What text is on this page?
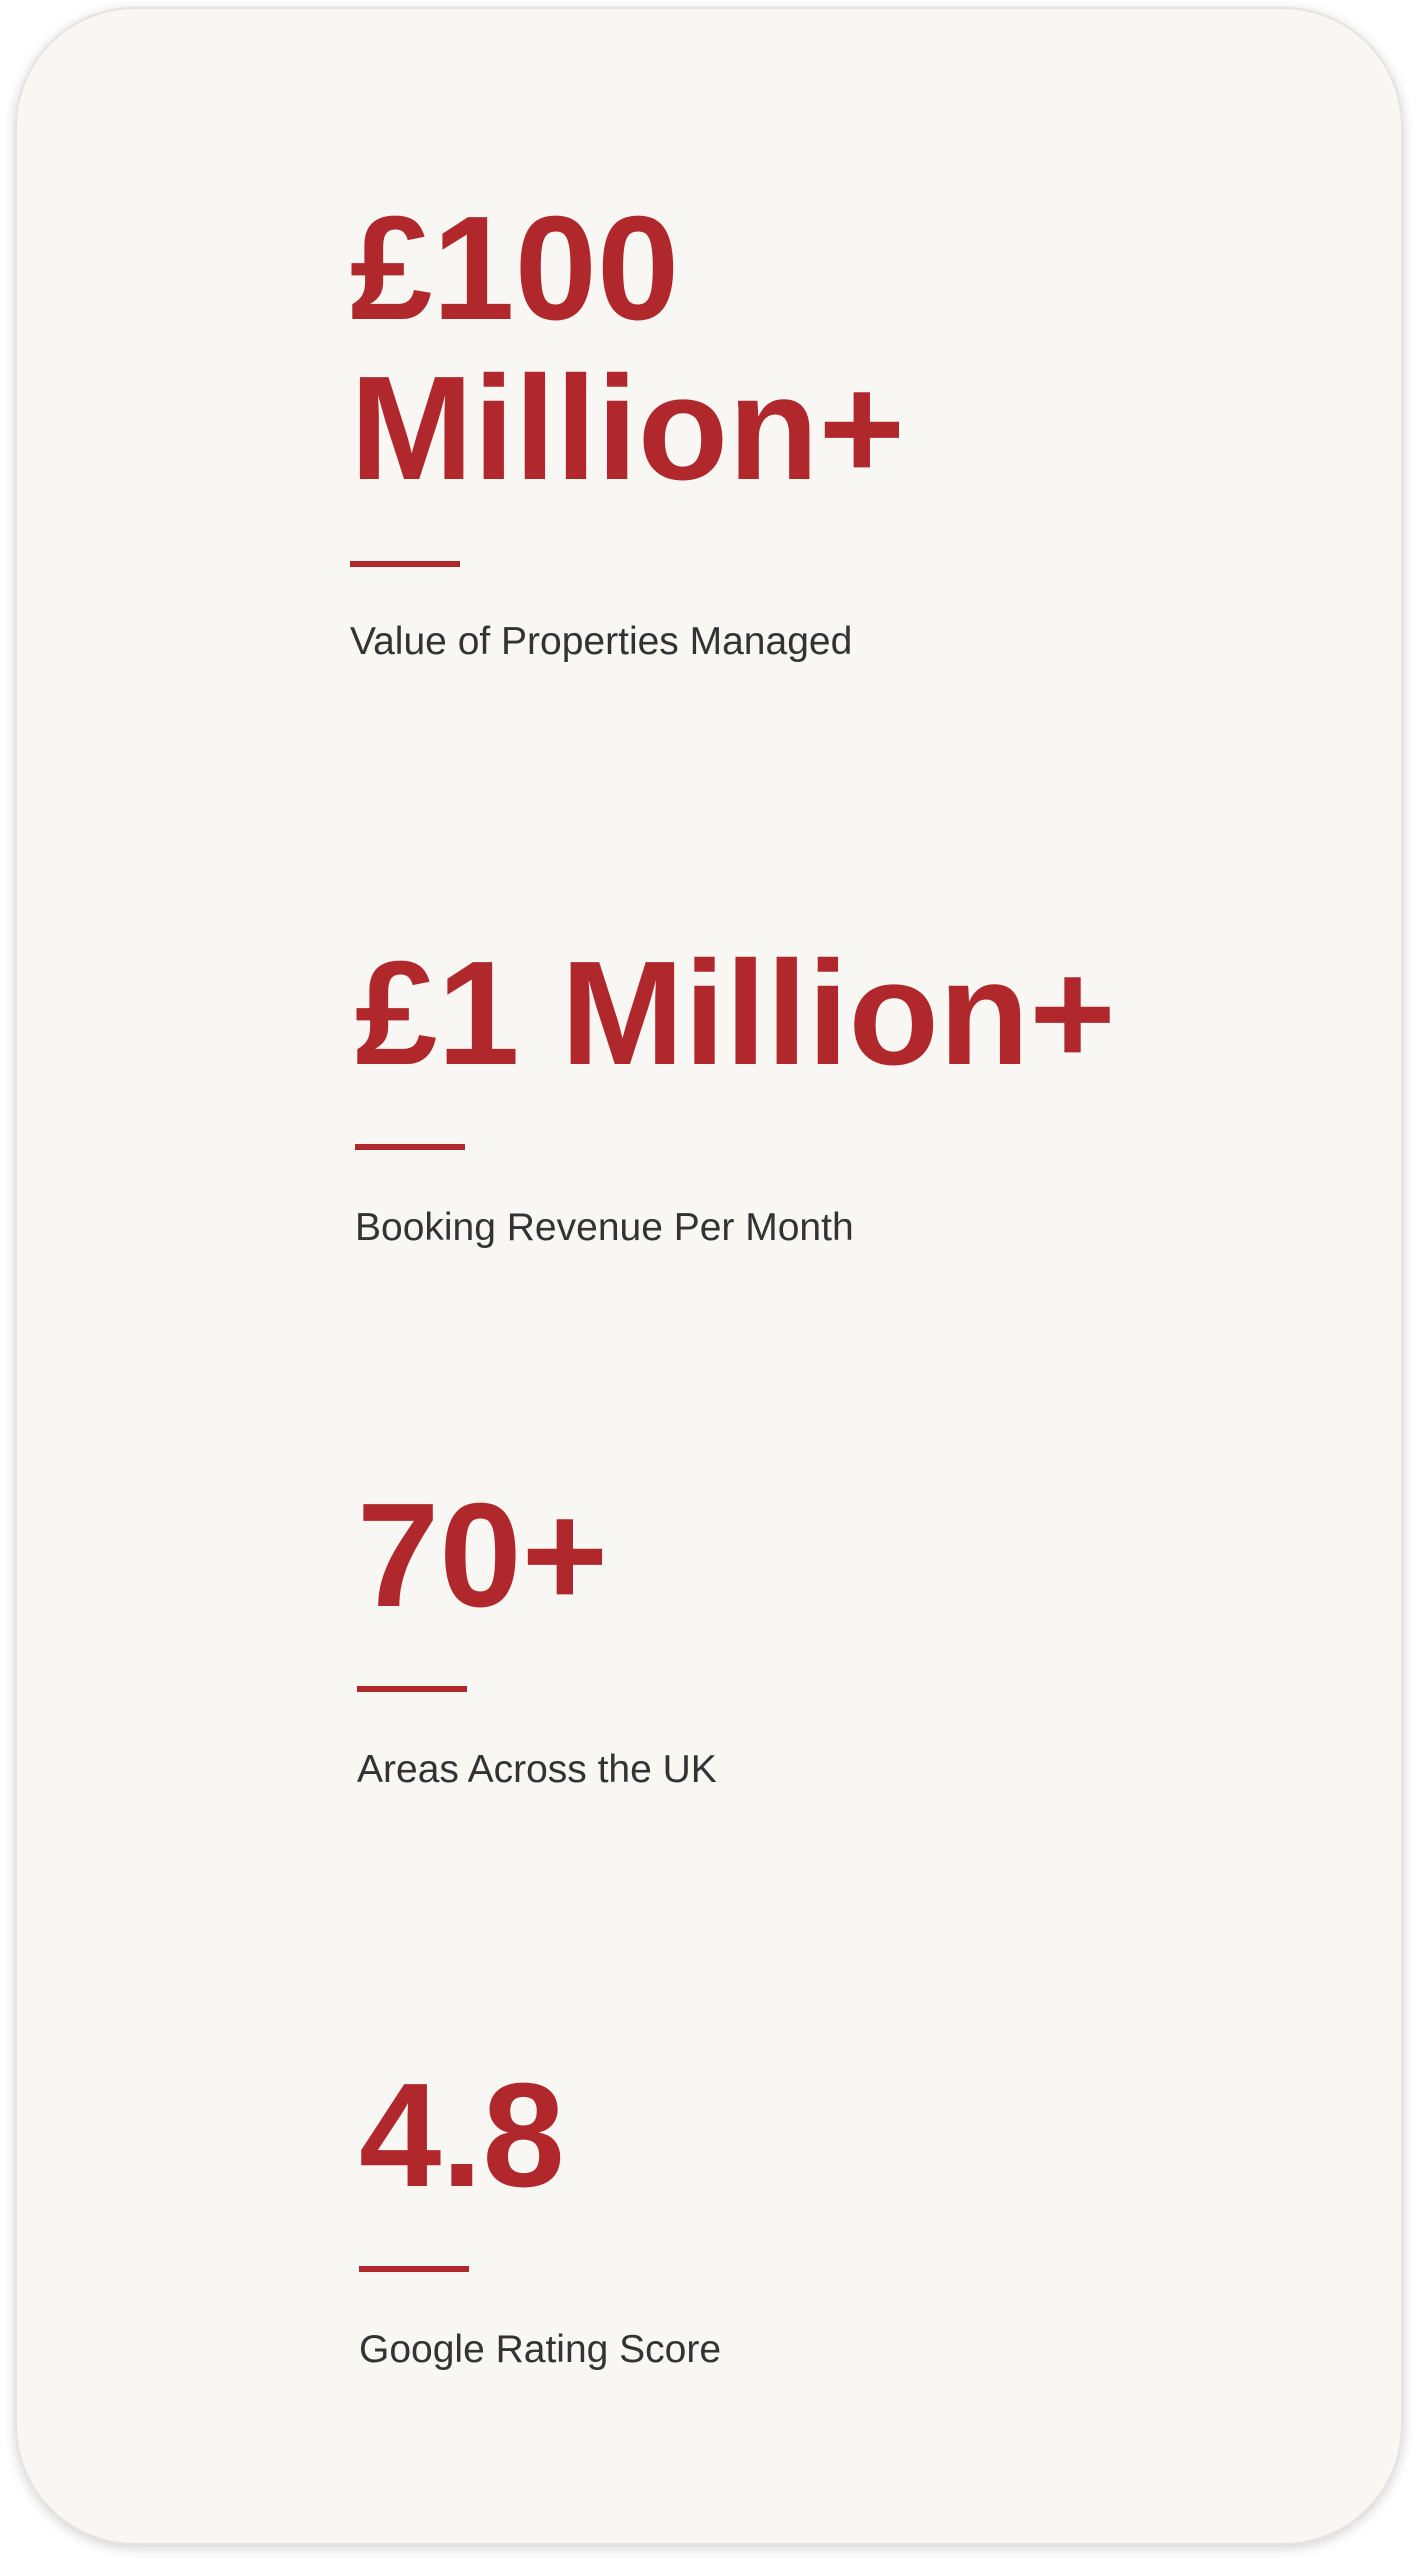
£100 Million+
Value of Properties Managed
£1 Million+
Booking Revenue Per Month
70+
Areas Across the UK
4.8
Google Rating Score
